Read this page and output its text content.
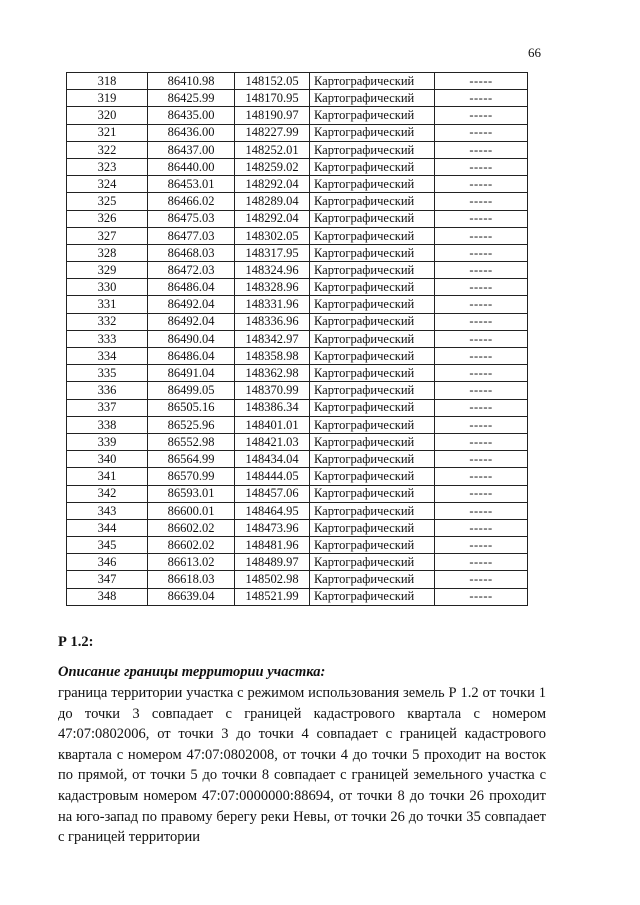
66
318	86410.98	148152.05	Картографический	-----
319	86425.99	148170.95	Картографический	-----
320	86435.00	148190.97	Картографический	-----
321	86436.00	148227.99	Картографический	-----
322	86437.00	148252.01	Картографический	-----
323	86440.00	148259.02	Картографический	-----
324	86453.01	148292.04	Картографический	-----
325	86466.02	148289.04	Картографический	-----
326	86475.03	148292.04	Картографический	-----
327	86477.03	148302.05	Картографический	-----
328	86468.03	148317.95	Картографический	-----
329	86472.03	148324.96	Картографический	-----
330	86486.04	148328.96	Картографический	-----
331	86492.04	148331.96	Картографический	-----
332	86492.04	148336.96	Картографический	-----
333	86490.04	148342.97	Картографический	-----
334	86486.04	148358.98	Картографический	-----
335	86491.04	148362.98	Картографический	-----
336	86499.05	148370.99	Картографический	-----
337	86505.16	148386.34	Картографический	-----
338	86525.96	148401.01	Картографический	-----
339	86552.98	148421.03	Картографический	-----
340	86564.99	148434.04	Картографический	-----
341	86570.99	148444.05	Картографический	-----
342	86593.01	148457.06	Картографический	-----
343	86600.01	148464.95	Картографический	-----
344	86602.02	148473.96	Картографический	-----
345	86602.02	148481.96	Картографический	-----
346	86613.02	148489.97	Картографический	-----
347	86618.03	148502.98	Картографический	-----
348	86639.04	148521.99	Картографический	-----
Р 1.2:
Описание границы территории участка:

граница территории участка с режимом использования земель Р 1.2 от точки 1 до точки 3 совпадает с границей кадастрового квартала с номером 47:07:0802006, от точки 3 до точки 4 совпадает с границей кадастрового квартала с номером 47:07:0802008, от точки 4 до точки 5 проходит на восток по прямой, от точки 5 до точки 8 совпадает с границей земельного участка с кадастровым номером 47:07:0000000:88694, от точки 8 до точки 26 проходит на юго-запад по правому берегу реки Невы, от точки 26 до точки 35 совпадает с границей территории
